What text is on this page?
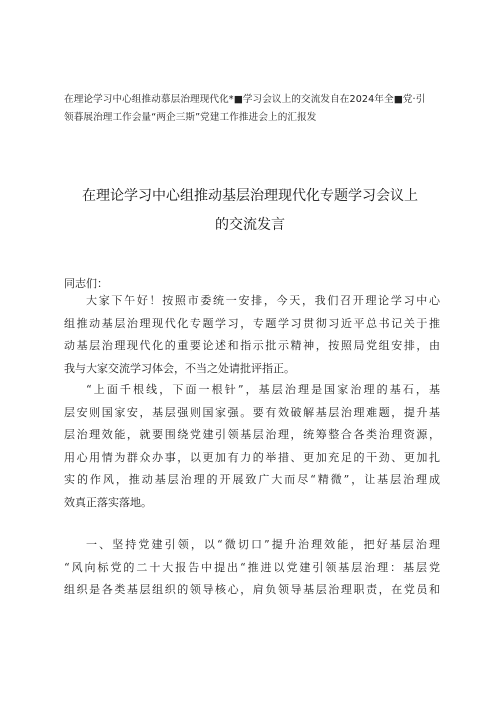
在理论学习中心组推动慕层治理现代化*■学习会议上的交流发自在2024年全■党·引
领暮展治理工作会量“两企三斯”党建工作推进会上的汇报发
在理论学习中心组推动基层治理现代化专题学习会议上
的交流发言
同志们：
大家下午好！按照市委统一安排，今天，我们召开理论学习中心
组推动基层治理现代化专题学习，专题学习贯彻习近平总书记关于推
动基层治理现代化的重要论述和指示批示精神，按照局党组安排，由
我与大家交流学习体会，不当之处请批评指正。
“上面千根线，下面一根针”，基层治理是国家治理的基石，基
层安则国家安，基层强则国家强。要有效破解基层治理难题，提升基
层治理效能，就要围绕党建引领基层治理，统筹整合各类治理资源，
用心用情为群众办事，以更加有力的举措、更加充足的干劲、更加扎
实的作风，推动基层治理的开展致广大而尽“精微”，让基层治理成
效真正落实落地。
一、坚持党建引领，以“微切口”提升治理效能，把好基层治理
“风向标党的二十大报告中提出“推进以党建引领基层治理：基层党
组织是各类基层组织的领导核心，肩负领导基层治理职责，在党员和
